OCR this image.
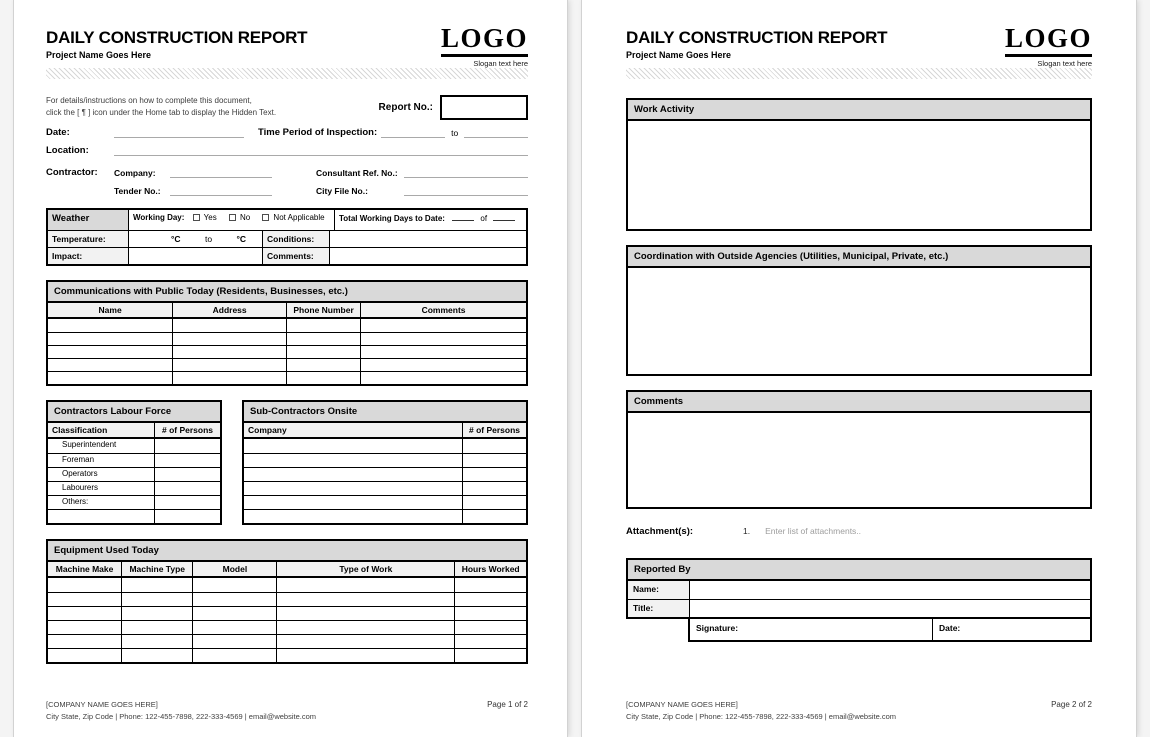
DAILY CONSTRUCTION REPORT
Project Name Goes Here
LOGO
Slogan text here
For details/instructions on how to complete this document,
click the [ ¶ ] icon under the Home tab to display the Hidden Text.	Report No.:
Date:	Time Period of Inspection:	to
Location:
Contractor:	Company:	Consultant Ref. No.:
Tender No.:	City File No.:
Weather	Working Day: Yes	No	Not Applicable	Total Working Days to Date:	of
Temperature:	°C	to	°C	Conditions:
Impact:	Comments:
Communications with Public Today (Residents, Businesses, etc.)
Name	Address	Phone Number	Comments
Contractors Labour Force
Classification	# of Persons
Superintendent
Foreman
Operators
Labourers
Others:
Sub-Contractors Onsite
Company	# of Persons
Equipment Used Today
Machine Make	Machine Type	Model	Type of Work	Hours Worked
[COMPANY NAME GOES HERE]
City State, Zip Code | Phone: 122-455-7898, 222-333-4569 | email@website.com
Page 1 of 2
DAILY CONSTRUCTION REPORT
Project Name Goes Here
LOGO
Slogan text here
Work Activity
Coordination with Outside Agencies (Utilities, Municipal, Private, etc.)
Comments
Attachment(s):	1. Enter list of attachments..
Reported By
Name:
Title:
Signature:	Date:
[COMPANY NAME GOES HERE]
City State, Zip Code | Phone: 122-455-7898, 222-333-4569 | email@website.com
Page 2 of 2
